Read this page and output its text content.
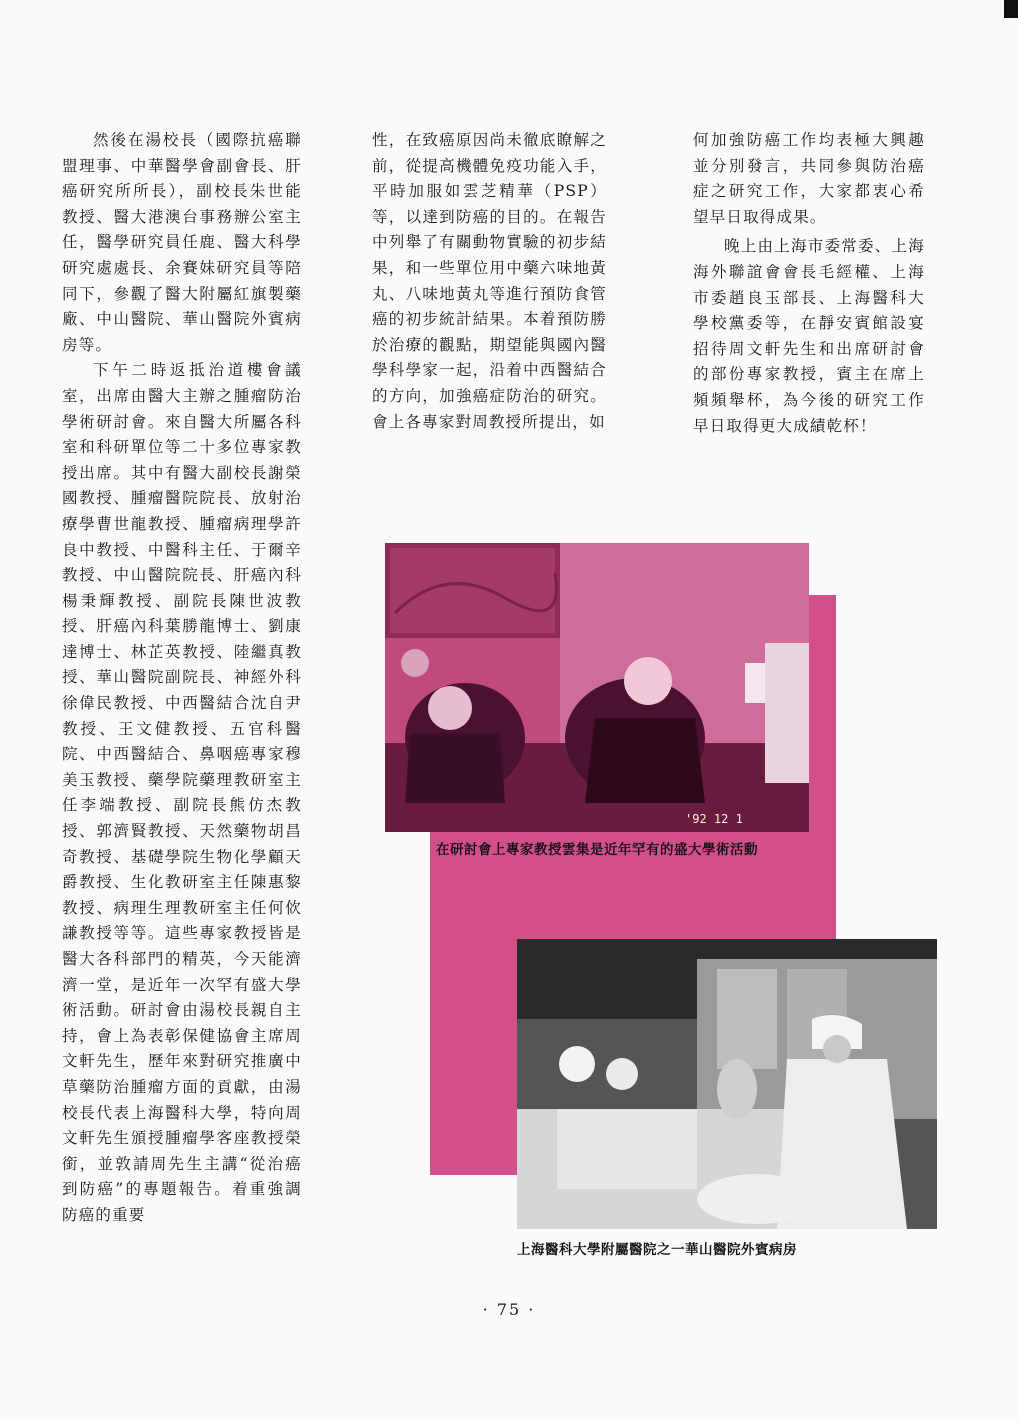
然後在湯校長（國際抗癌聯盟理事、中華醫學會副會長、肝癌研究所所長），副校長朱世能教授、醫大港澳台事務辦公室主任，醫學研究員任鹿、醫大科學研究處處長、余賽妹研究員等陪同下，參觀了醫大附屬紅旗製藥廠、中山醫院、華山醫院外賓病房等。

下午二時返抵治道樓會議室，出席由醫大主辦之腫瘤防治學術研討會。來自醫大所屬各科室和科研單位等二十多位專家教授出席。其中有醫大副校長謝榮國教授、腫瘤醫院院長、放射治療學曹世龍教授、腫瘤病理學許良中教授、中醫科主任、于爾辛教授、中山醫院院長、肝癌內科楊秉輝教授、副院長陳世波教授、肝癌內科葉勝龍博士、劉康達博士、林芷英教授、陸繼真教授、華山醫院副院長、神經外科徐偉民教授、中西醫結合沈自尹教授、王文健教授、五官科醫院、中西醫結合、鼻咽癌專家穆美玉教授、藥學院藥理教研室主任李端教授、副院長熊仿杰教授、郭濟賢教授、天然藥物胡昌奇教授、基礎學院生物化學顧天爵教授、生化教研室主任陳惠黎教授、病理生理教研室主任何佽謙教授等等。這些專家教授皆是醫大各科部門的精英，今天能濟濟一堂，是近年一次罕有盛大學術活動。研討會由湯校長親自主持，會上為表彰保健協會主席周文軒先生，歷年來對研究推廣中草藥防治腫瘤方面的貢獻，由湯校長代表上海醫科大學，特向周文軒先生頒授腫瘤學客座教授榮銜，並敦請周先生主講“從治癌到防癌”的專題報告。着重強調防癌的重要

性，在致癌原因尚未徹底瞭解之前，從提高機體免疫功能入手，平時加服如雲芝精華（PSP）等，以達到防癌的目的。在報告中列舉了有關動物實驗的初步結果，和一些單位用中藥六味地黃丸、八味地黃丸等進行預防食管癌的初步統計結果。本着預防勝於治療的觀點，期望能與國內醫學科學家一起，沿着中西醫結合的方向，加強癌症防治的研究。會上各專家對周教授所提出，如

何加強防癌工作均表極大興趣並分別發言，共同參與防治癌症之研究工作，大家都衷心希望早日取得成果。

晚上由上海市委常委、上海海外聯誼會會長毛經權、上海市委趙良玉部長、上海醫科大學校黨委等，在靜安賓館設宴招待周文軒先生和出席研討會的部份專家教授，賓主在席上頻頻舉杯，為今後的研究工作早日取得更大成績乾杯！

'92 12 1
在研討會上專家教授雲集是近年罕有的盛大學術活動
上海醫科大學附屬醫院之一華山醫院外賓病房
· 75 ·
